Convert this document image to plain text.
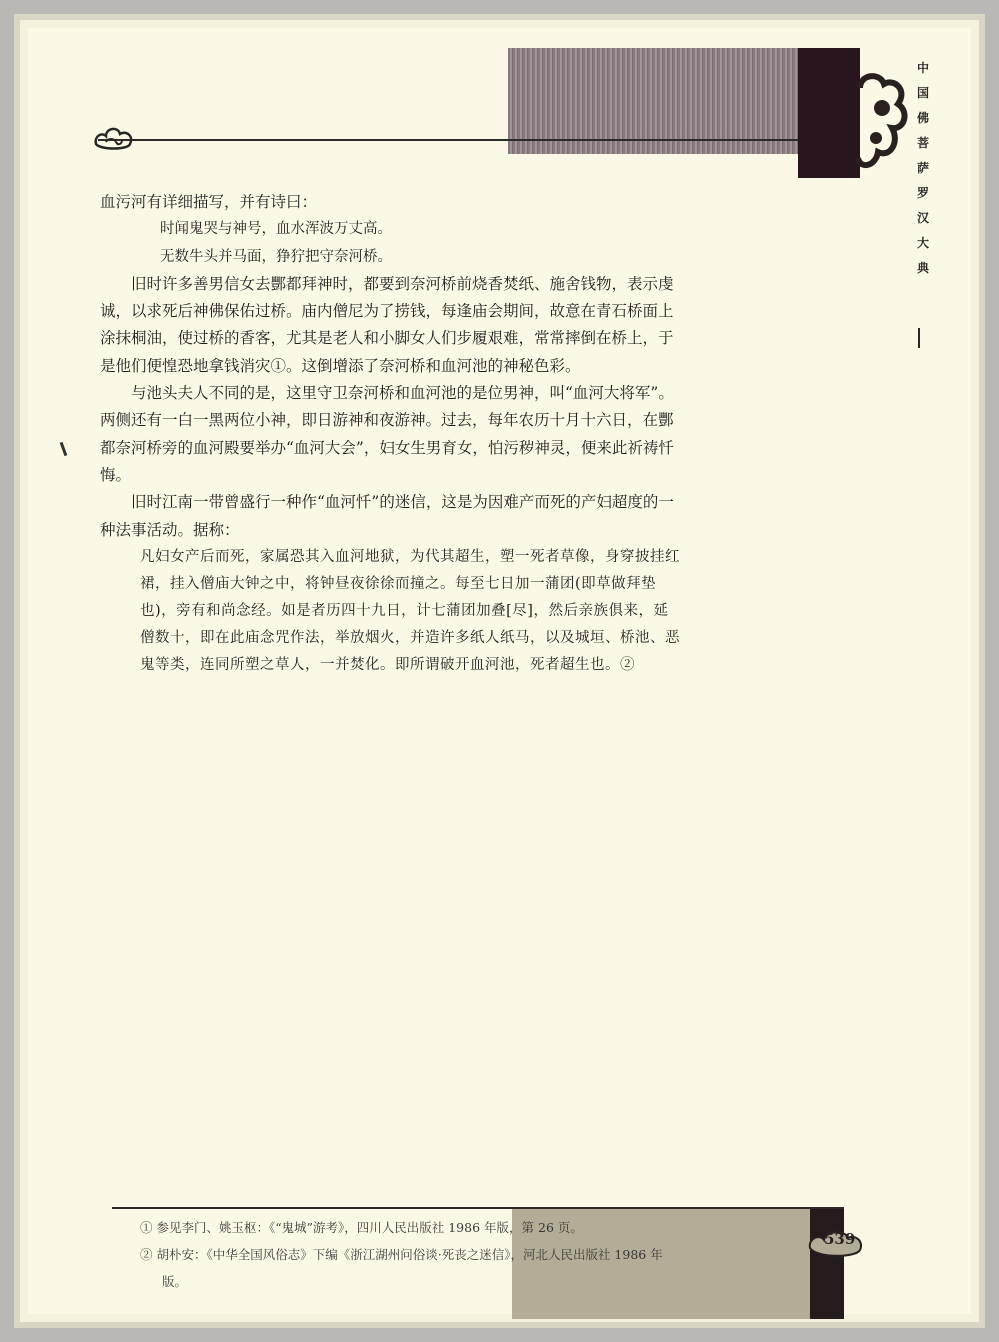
中国佛菩萨罗汉大典

血污河有详细描写，并有诗曰：

时闻鬼哭与神号，血水浑波万丈高。

无数牛头并马面，狰狞把守奈河桥。

旧时许多善男信女去酆都拜神时，都要到奈河桥前烧香焚纸、施舍钱物，表示虔诚，以求死后神佛保佑过桥。庙内僧尼为了捞钱，每逢庙会期间，故意在青石桥面上涂抹桐油，使过桥的香客，尤其是老人和小脚女人们步履艰难，常常摔倒在桥上，于是他们便惶恐地拿钱消灾①。这倒增添了奈河桥和血河池的神秘色彩。

与池头夫人不同的是，这里守卫奈河桥和血河池的是位男神，叫“血河大将军”。两侧还有一白一黑两位小神，即日游神和夜游神。过去，每年农历十月十六日，在酆都奈河桥旁的血河殿要举办“血河大会”，妇女生男育女，怕污秽神灵，便来此祈祷忏悔。

旧时江南一带曾盛行一种作“血河忏”的迷信，这是为因难产而死的产妇超度的一种法事活动。据称：

凡妇女产后而死，家属恐其入血河地狱，为代其超生，塑一死者草像，身穿披挂红裙，挂入僧庙大钟之中，将钟昼夜徐徐而撞之。每至七日加一蒲团(即草做拜垫也)，旁有和尚念经。如是者历四十九日，计七蒲团加叠[尽]，然后亲族俱来，延僧数十，即在此庙念咒作法，举放烟火，并造许多纸人纸马，以及城垣、桥池、恶鬼等类，连同所塑之草人，一并焚化。即所谓破开血河池，死者超生也。②

539

① 参见李门、姚玉枢：《“鬼城”游考》，四川人民出版社 1986 年版，第 26 页。

② 胡朴安：《中华全国风俗志》下编《浙江湖州问俗谈·死丧之迷信》，河北人民出版社 1986 年版。
